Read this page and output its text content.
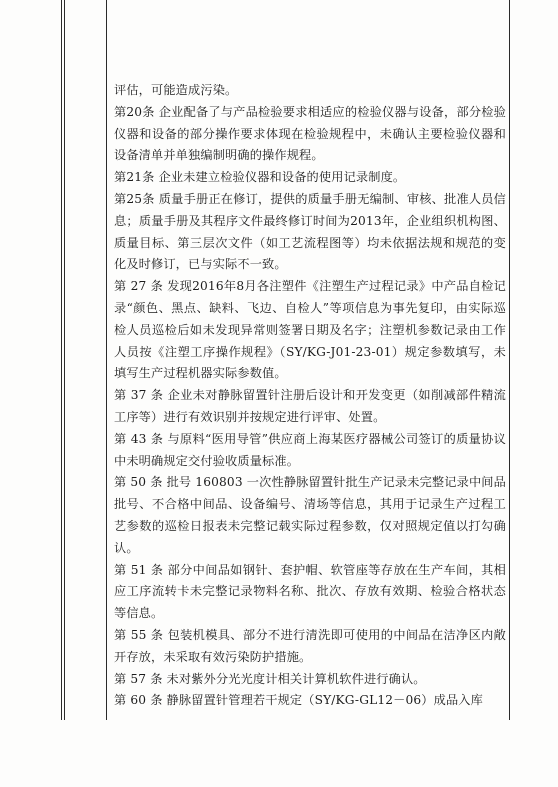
评估，可能造成污染。

第20条 企业配备了与产品检验要求相适应的检验仪器与设备，部分检验仪器和设备的部分操作要求体现在检验规程中，未确认主要检验仪器和设备清单并单独编制明确的操作规程。

第21条 企业未建立检验仪器和设备的使用记录制度。

第25条 质量手册正在修订，提供的质量手册无编制、审核、批准人员信息；质量手册及其程序文件最终修订时间为2013年，企业组织机构图、质量目标、第三层次文件（如工艺流程图等）均未依据法规和规范的变化及时修订，已与实际不一致。

第 27 条 发现2016年8月各注塑件《注塑生产过程记录》中产品自检记录“颜色、黑点、缺料、飞边、自检人”等项信息为事先复印，由实际巡检人员巡检后如未发现异常则签署日期及名字；注塑机参数记录由工作人员按《注塑工序操作规程》（SY/KG-J01-23-01）规定参数填写，未填写生产过程机器实际参数值。

第 37 条 企业未对静脉留置针注册后设计和开发变更（如削减部件精流工序等）进行有效识别并按规定进行评审、处置。

第 43 条 与原料“医用导管”供应商上海某医疗器械公司签订的质量协议中未明确规定交付验收质量标准。

第 50 条 批号 160803 一次性静脉留置针批生产记录未完整记录中间品批号、不合格中间品、设备编号、清场等信息，其用于记录生产过程工艺参数的巡检日报表未完整记载实际过程参数，仅对照规定值以打勾确认。

第 51 条 部分中间品如钢针、套护帽、软管座等存放在生产车间，其相应工序流转卡未完整记录物料名称、批次、存放有效期、检验合格状态等信息。

第 55 条 包装机模具、部分不进行清洗即可使用的中间品在洁净区内敞开存放，未采取有效污染防护措施。

第 57 条 未对紫外分光光度计相关计算机软件进行确认。

第 60 条 静脉留置针管理若干规定（SY/KG-GL12－06）成品入库
